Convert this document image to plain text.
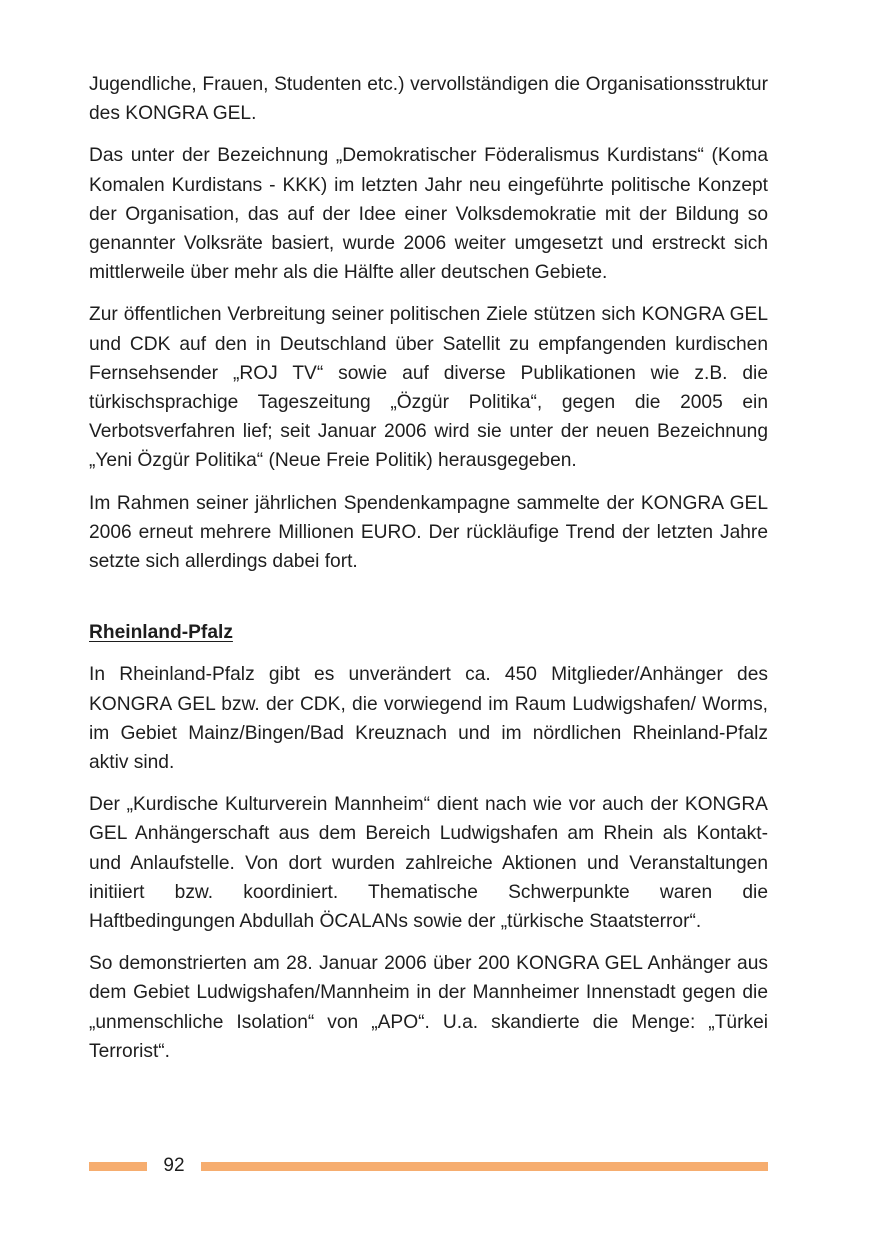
Jugendliche, Frauen, Studenten etc.) vervollständigen die Organisationsstruktur des KONGRA GEL.

Das unter der Bezeichnung „Demokratischer Föderalismus Kurdistans“ (Koma Komalen Kurdistans - KKK) im letzten Jahr neu eingeführte politische Konzept der Organisation, das auf der Idee einer Volksdemokratie mit der Bildung so genannter Volksräte basiert, wurde 2006 weiter umgesetzt und erstreckt sich mittlerweile über mehr als die Hälfte aller deutschen Gebiete.

Zur öffentlichen Verbreitung seiner politischen Ziele stützen sich KONGRA GEL und CDK auf den in Deutschland über Satellit zu empfangenden kurdischen Fernsehsender „ROJ TV“ sowie auf diverse Publikationen wie z.B. die türkischsprachige Tageszeitung „Özgür Politika“, gegen die 2005 ein Verbotsverfahren lief; seit Januar 2006 wird sie unter der neuen Bezeichnung „Yeni Özgür Politika“ (Neue Freie Politik) herausgegeben.

Im Rahmen seiner jährlichen Spendenkampagne sammelte der KONGRA GEL 2006 erneut mehrere Millionen EURO. Der rückläufige Trend der letzten Jahre setzte sich allerdings dabei fort.

Rheinland-Pfalz

In Rheinland-Pfalz gibt es unverändert ca. 450 Mitglieder/Anhänger des KONGRA GEL bzw. der CDK, die vorwiegend im Raum Ludwigshafen/ Worms, im Gebiet Mainz/Bingen/Bad Kreuznach und im nördlichen Rheinland-Pfalz aktiv sind.

Der „Kurdische Kulturverein Mannheim“ dient nach wie vor auch der KONGRA GEL Anhängerschaft aus dem Bereich Ludwigshafen am Rhein als Kontakt- und Anlaufstelle. Von dort wurden zahlreiche Aktionen und Veranstaltungen initiiert bzw. koordiniert. Thematische Schwerpunkte waren die Haftbedingungen Abdullah ÖCALANs sowie der „türkische Staatsterror“.

So demonstrierten am 28. Januar 2006 über 200 KONGRA GEL Anhänger aus dem Gebiet Ludwigshafen/Mannheim in der Mannheimer Innenstadt gegen die „unmenschliche Isolation“ von „APO“. U.a. skandierte die Menge: „Türkei Terrorist“.

92
